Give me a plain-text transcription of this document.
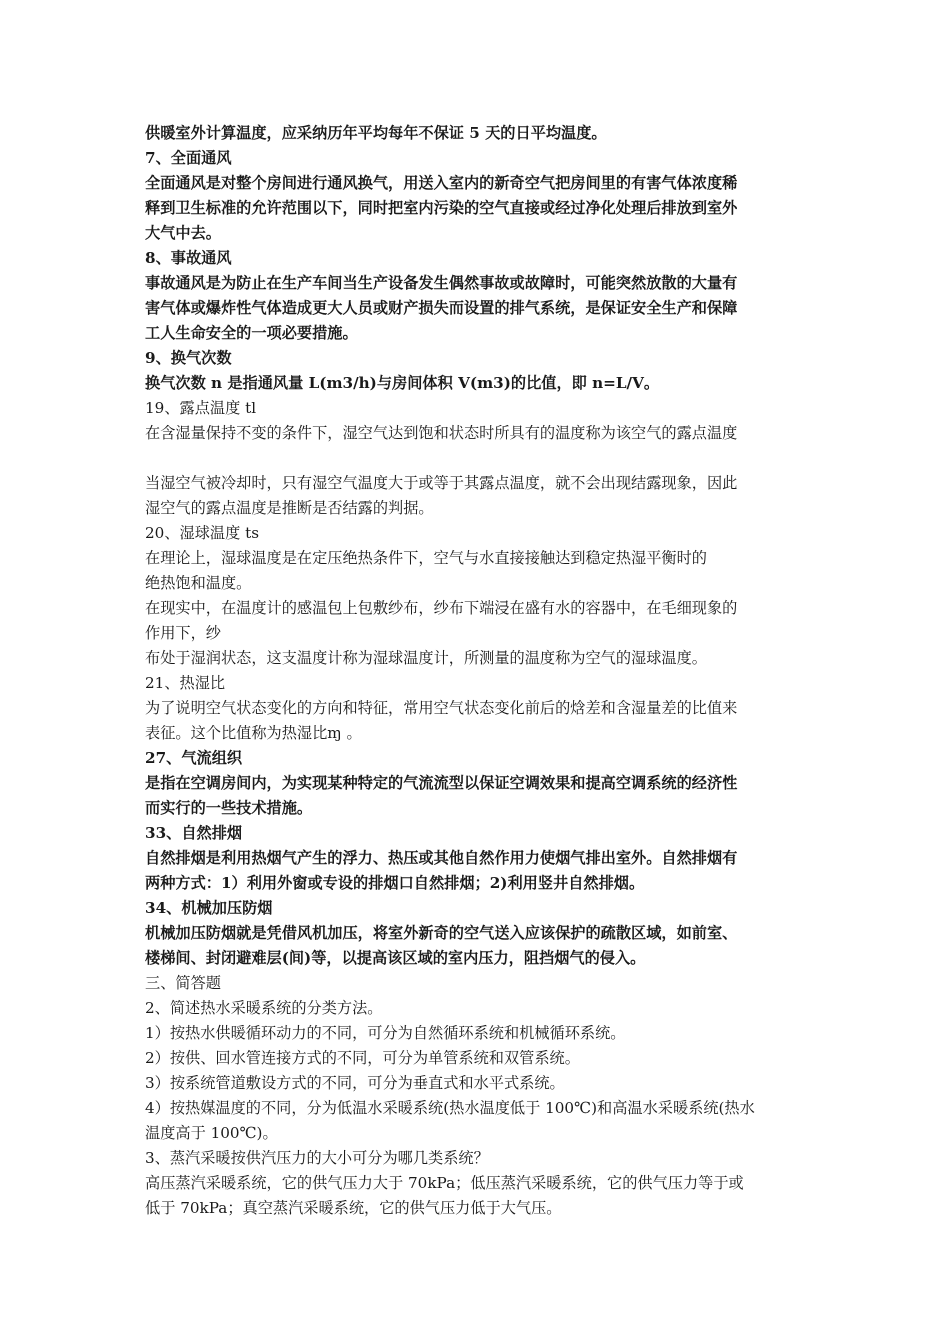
供暖室外计算温度，应采纳历年平均每年不保证 5 天的日平均温度。
7、全面通风
全面通风是对整个房间进行通风换气，用送入室内的新奇空气把房间里的有害气体浓度稀
释到卫生标准的允许范围以下，同时把室内污染的空气直接或经过净化处理后排放到室外
大气中去。
8、事故通风
事故通风是为防止在生产车间当生产设备发生偶然事故或故障时，可能突然放散的大量有
害气体或爆炸性气体造成更大人员或财产损失而设置的排气系统，是保证安全生产和保障
工人生命安全的一项必要措施。
9、换气次数
换气次数 n 是指通风量 L(m3/h)与房间体积 V(m3)的比值，即 n=L/V。
19、露点温度 tl
在含湿量保持不变的条件下，湿空气达到饱和状态时所具有的温度称为该空气的露点温度
当湿空气被冷却时，只有湿空气温度大于或等于其露点温度，就不会出现结露现象，因此
湿空气的露点温度是推断是否结露的判据。
20、湿球温度 ts
在理论上，湿球温度是在定压绝热条件下，空气与水直接接触达到稳定热湿平衡时的
绝热饱和温度。
在现实中，在温度计的感温包上包敷纱布，纱布下端浸在盛有水的容器中，在毛细现象的
作用下，纱
布处于湿润状态，这支温度计称为湿球温度计，所测量的温度称为空气的湿球温度。
21、热湿比
为了说明空气状态变化的方向和特征，常用空气状态变化前后的焓差和含湿量差的比值来
表征。这个比值称为热湿比ɱ 。
27、气流组织
是指在空调房间内，为实现某种特定的气流流型以保证空调效果和提高空调系统的经济性
而实行的一些技术措施。
33、自然排烟
自然排烟是利用热烟气产生的浮力、热压或其他自然作用力使烟气排出室外。自然排烟有
两种方式：1）利用外窗或专设的排烟口自然排烟；2)利用竖井自然排烟。
34、机械加压防烟
机械加压防烟就是凭借风机加压，将室外新奇的空气送入应该保护的疏散区域，如前室、
楼梯间、封闭避难层(间)等，以提高该区域的室内压力，阻挡烟气的侵入。
三、简答题
2、简述热水采暖系统的分类方法。
1）按热水供暖循环动力的不同，可分为自然循环系统和机械循环系统。
2）按供、回水管连接方式的不同，可分为单管系统和双管系统。
3）按系统管道敷设方式的不同，可分为垂直式和水平式系统。
4）按热媒温度的不同，分为低温水采暖系统(热水温度低于 100℃)和高温水采暖系统(热水
温度高于 100℃)。
3、蒸汽采暖按供汽压力的大小可分为哪几类系统？
高压蒸汽采暖系统，它的供气压力大于 70kPa；低压蒸汽采暖系统，它的供气压力等于或
低于 70kPa；真空蒸汽采暖系统，它的供气压力低于大气压。
